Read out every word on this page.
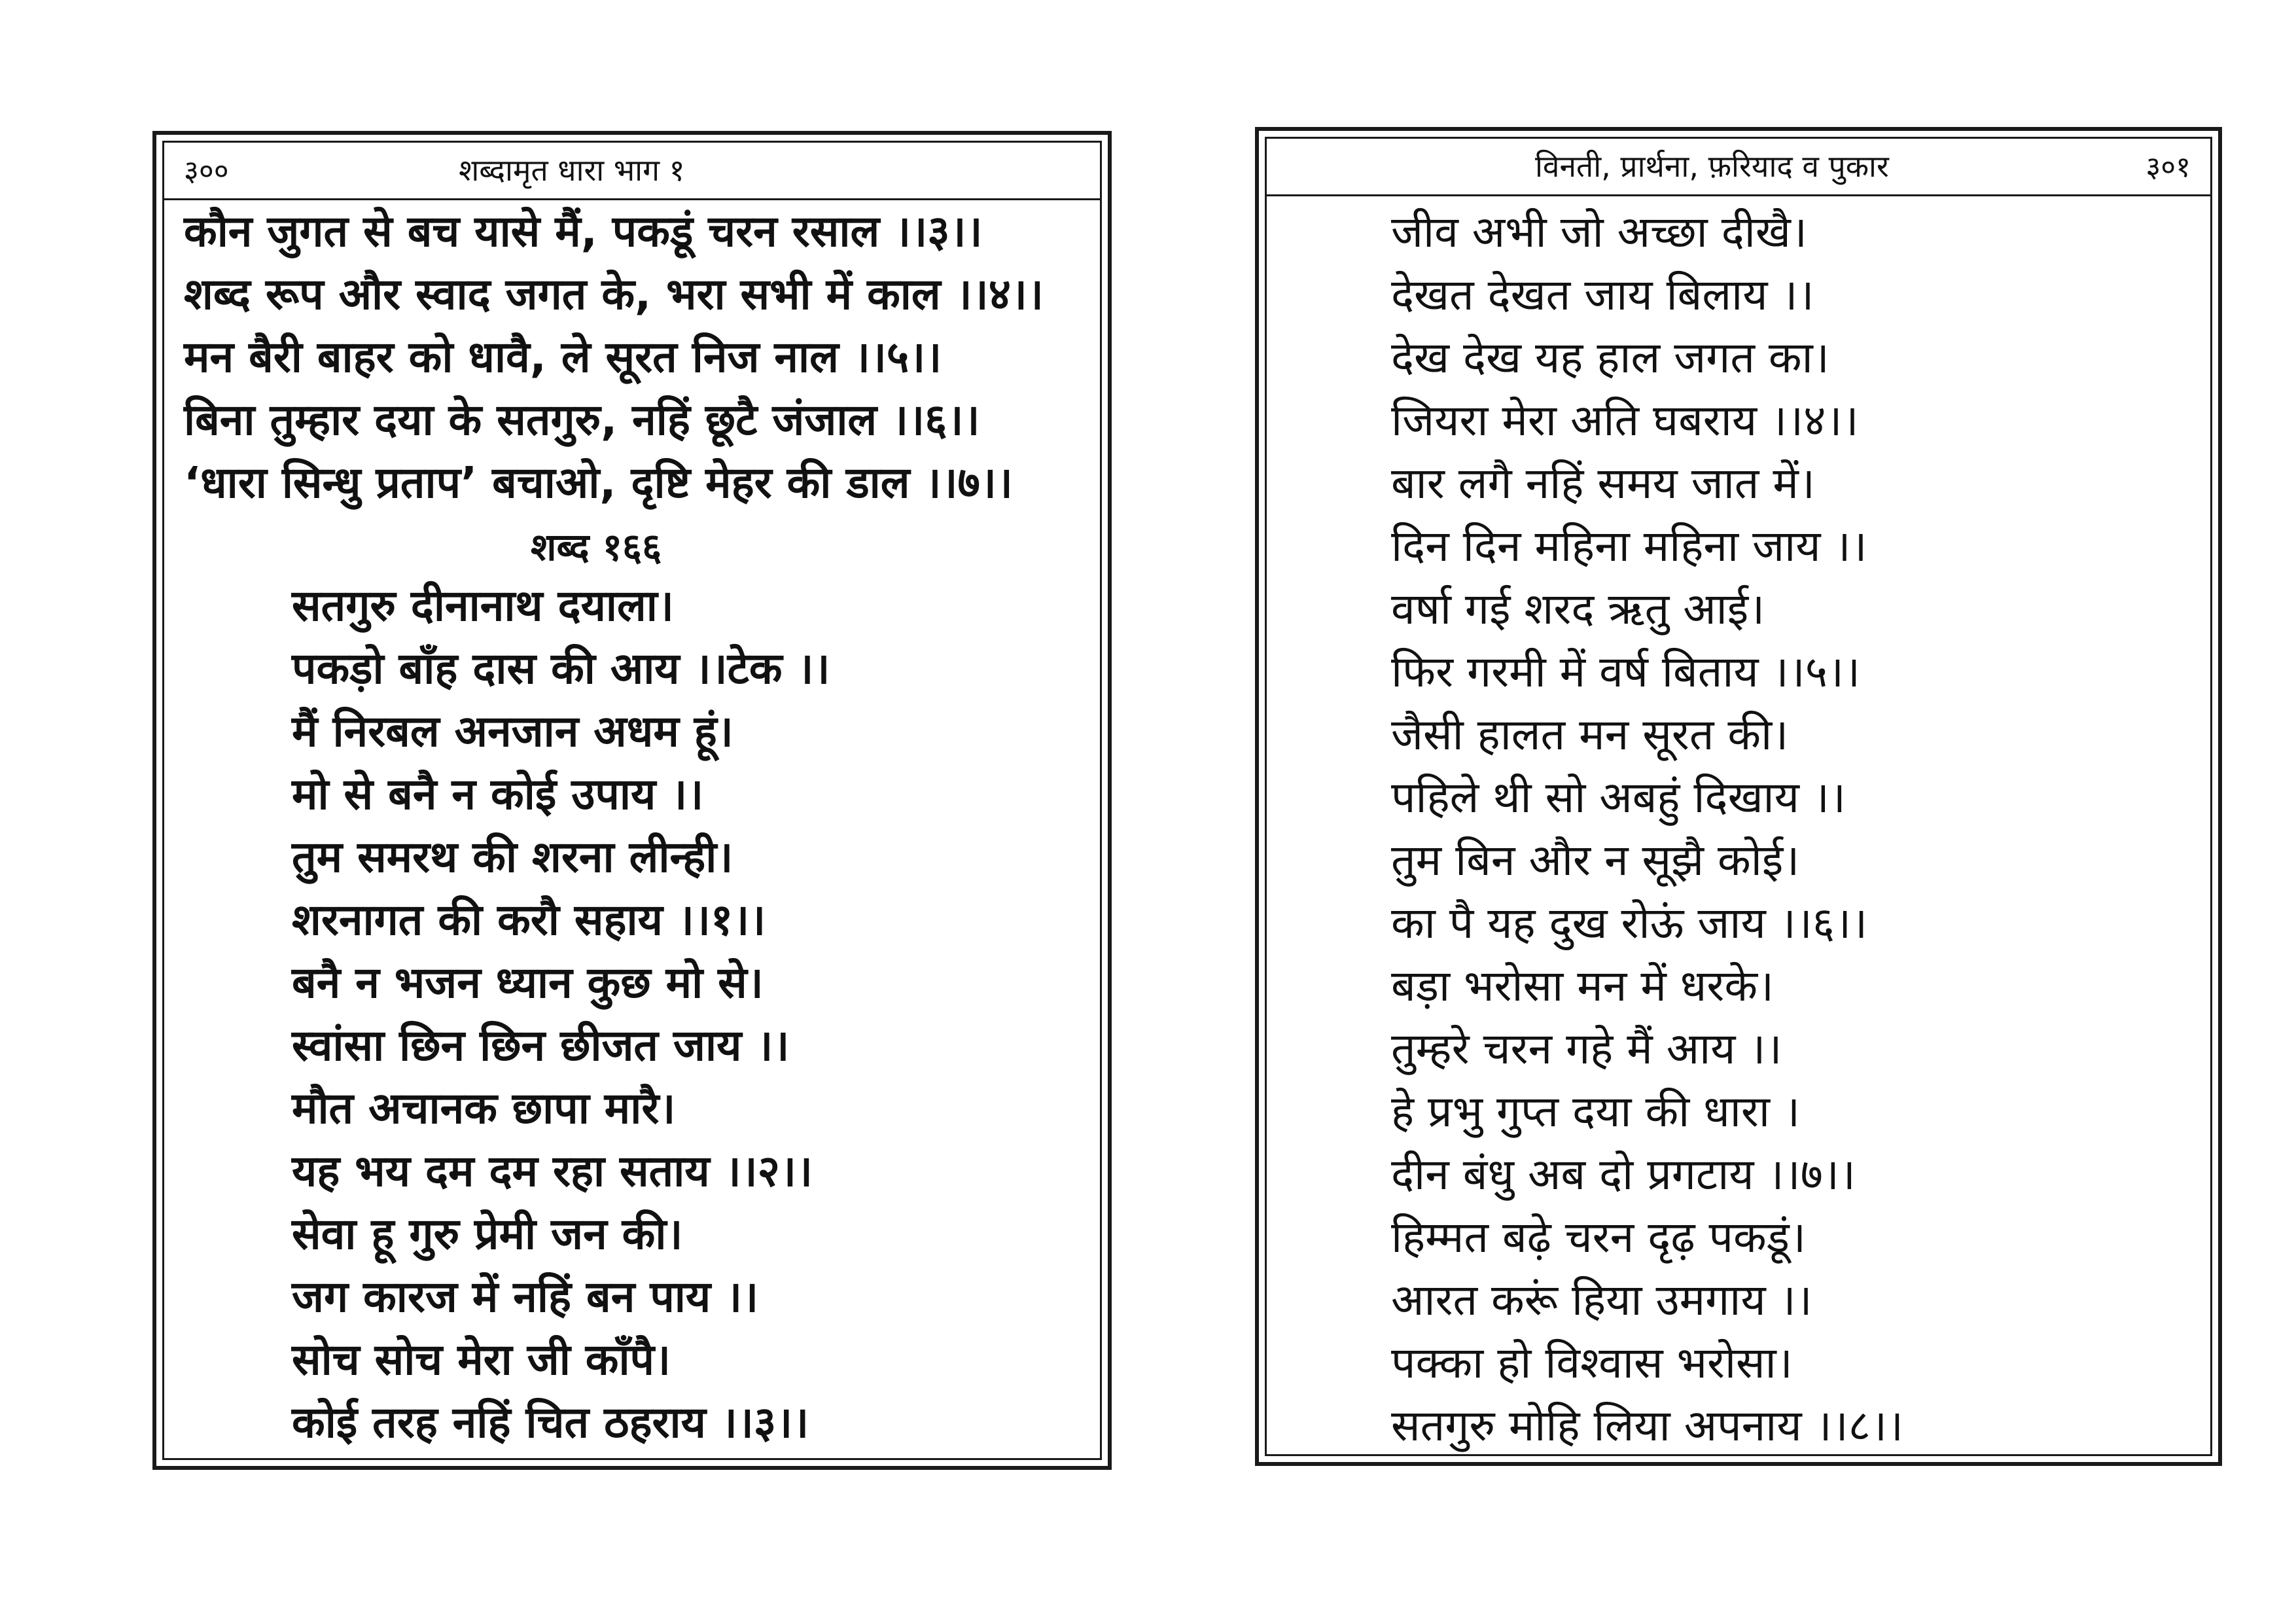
३००	शब्दामृत धारा भाग १
कौन जुगत से बच यासे मैं, पकडूं चरन रसाल ।।३।।
शब्द रूप और स्वाद जगत के, भरा सभी में काल ।।४।।
मन बैरी बाहर को धावै, ले सूरत निज नाल ।।५।।
बिना तुम्हार दया के सतगुरु, नहिं छूटै जंजाल ।।६।।
‘धारा सिन्धु प्रताप’ बचाओ, दृष्टि मेहर की डाल ।।७।।
शब्द १६६
सतगुरु दीनानाथ दयाला।
पकड़ो बाँह दास की आय ।।टेक ।।
मैं निरबल अनजान अधम हूं।
मो से बनै न कोई उपाय ।।
तुम समरथ की शरना लीन्ही।
शरनागत की करौ सहाय ।।१।।
बनै न भजन ध्यान कुछ मो से।
स्वांसा छिन छिन छीजत जाय ।।
मौत अचानक छापा मारै।
यह भय दम दम रहा सताय ।।२।।
सेवा हू गुरु प्रेमी जन की।
जग कारज में नहिं बन पाय ।।
सोच सोच मेरा जी काँपै।
कोई तरह नहिं चित ठहराय ।।३।।
विनती, प्रार्थना, फ़रियाद व पुकार	३०१
जीव अभी जो अच्छा दीखै।
देखत देखत जाय बिलाय ।।
देख देख यह हाल जगत का।
जियरा मेरा अति घबराय ।।४।।
बार लगै नहिं समय जात में।
दिन दिन महिना महिना जाय ।।
वर्षा गई शरद ऋतु आई।
फिर गरमी में वर्ष बिताय ।।५।।
जैसी हालत मन सूरत की।
पहिले थी सो अबहुं दिखाय ।।
तुम बिन और न सूझै कोई।
का पै यह दुख रोऊं जाय ।।६।।
बड़ा भरोसा मन में धरके।
तुम्हरे चरन गहे मैं आय ।।
हे प्रभु गुप्त दया की धारा ।
दीन बंधु अब दो प्रगटाय ।।७।।
हिम्मत बढ़े चरन दृढ़ पकडूं।
आरत करूं हिया उमगाय ।।
पक्का हो विश्वास भरोसा।
सतगुरु मोहि लिया अपनाय ।।८।।
